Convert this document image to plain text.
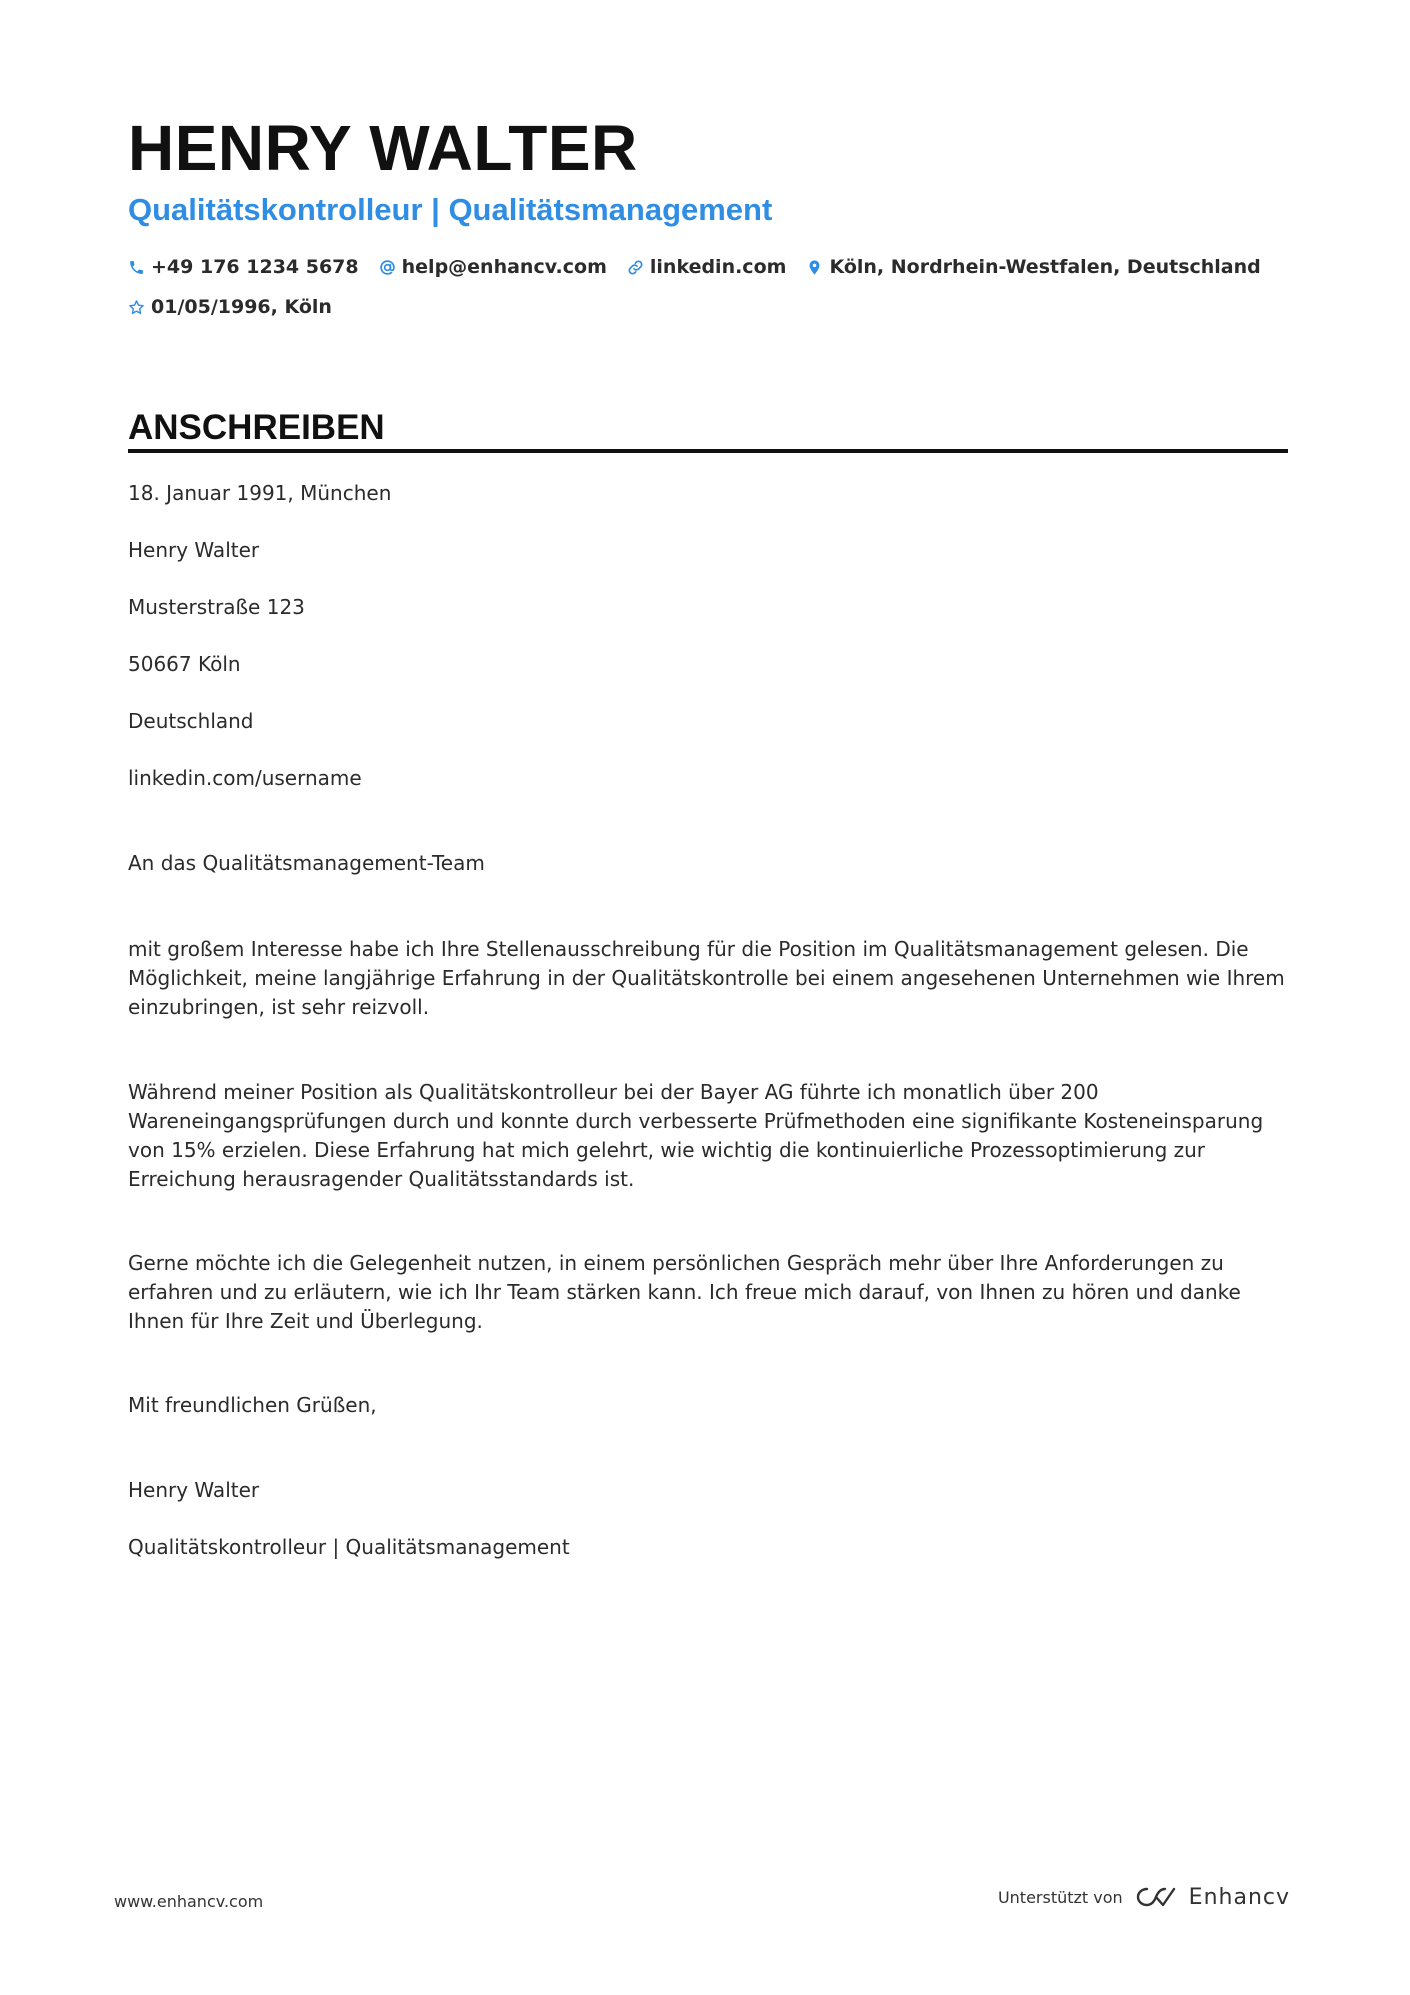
HENRY WALTER
Qualitätskontrolleur | Qualitätsmanagement
+49 176 1234 5678 help@enhancv.com linkedin.com Köln, Nordrhein-Westfalen, Deutschland
01/05/1996, Köln
ANSCHREIBEN

18. Januar 1991, München

Henry Walter

Musterstraße 123

50667 Köln

Deutschland

linkedin.com/username

An das Qualitätsmanagement-Team

mit großem Interesse habe ich Ihre Stellenausschreibung für die Position im Qualitätsmanagement gelesen. Die Möglichkeit, meine langjährige Erfahrung in der Qualitätskontrolle bei einem angesehenen Unternehmen wie Ihrem einzubringen, ist sehr reizvoll.

Während meiner Position als Qualitätskontrolleur bei der Bayer AG führte ich monatlich über 200 Wareneingangsprüfungen durch und konnte durch verbesserte Prüfmethoden eine signifikante Kosteneinsparung von 15% erzielen. Diese Erfahrung hat mich gelehrt, wie wichtig die kontinuierliche Prozessoptimierung zur Erreichung herausragender Qualitätsstandards ist.

Gerne möchte ich die Gelegenheit nutzen, in einem persönlichen Gespräch mehr über Ihre Anforderungen zu erfahren und zu erläutern, wie ich Ihr Team stärken kann. Ich freue mich darauf, von Ihnen zu hören und danke Ihnen für Ihre Zeit und Überlegung.

Mit freundlichen Grüßen,

Henry Walter

Qualitätskontrolleur | Qualitätsmanagement

www.enhancv.com	Unterstützt von	Enhancv
